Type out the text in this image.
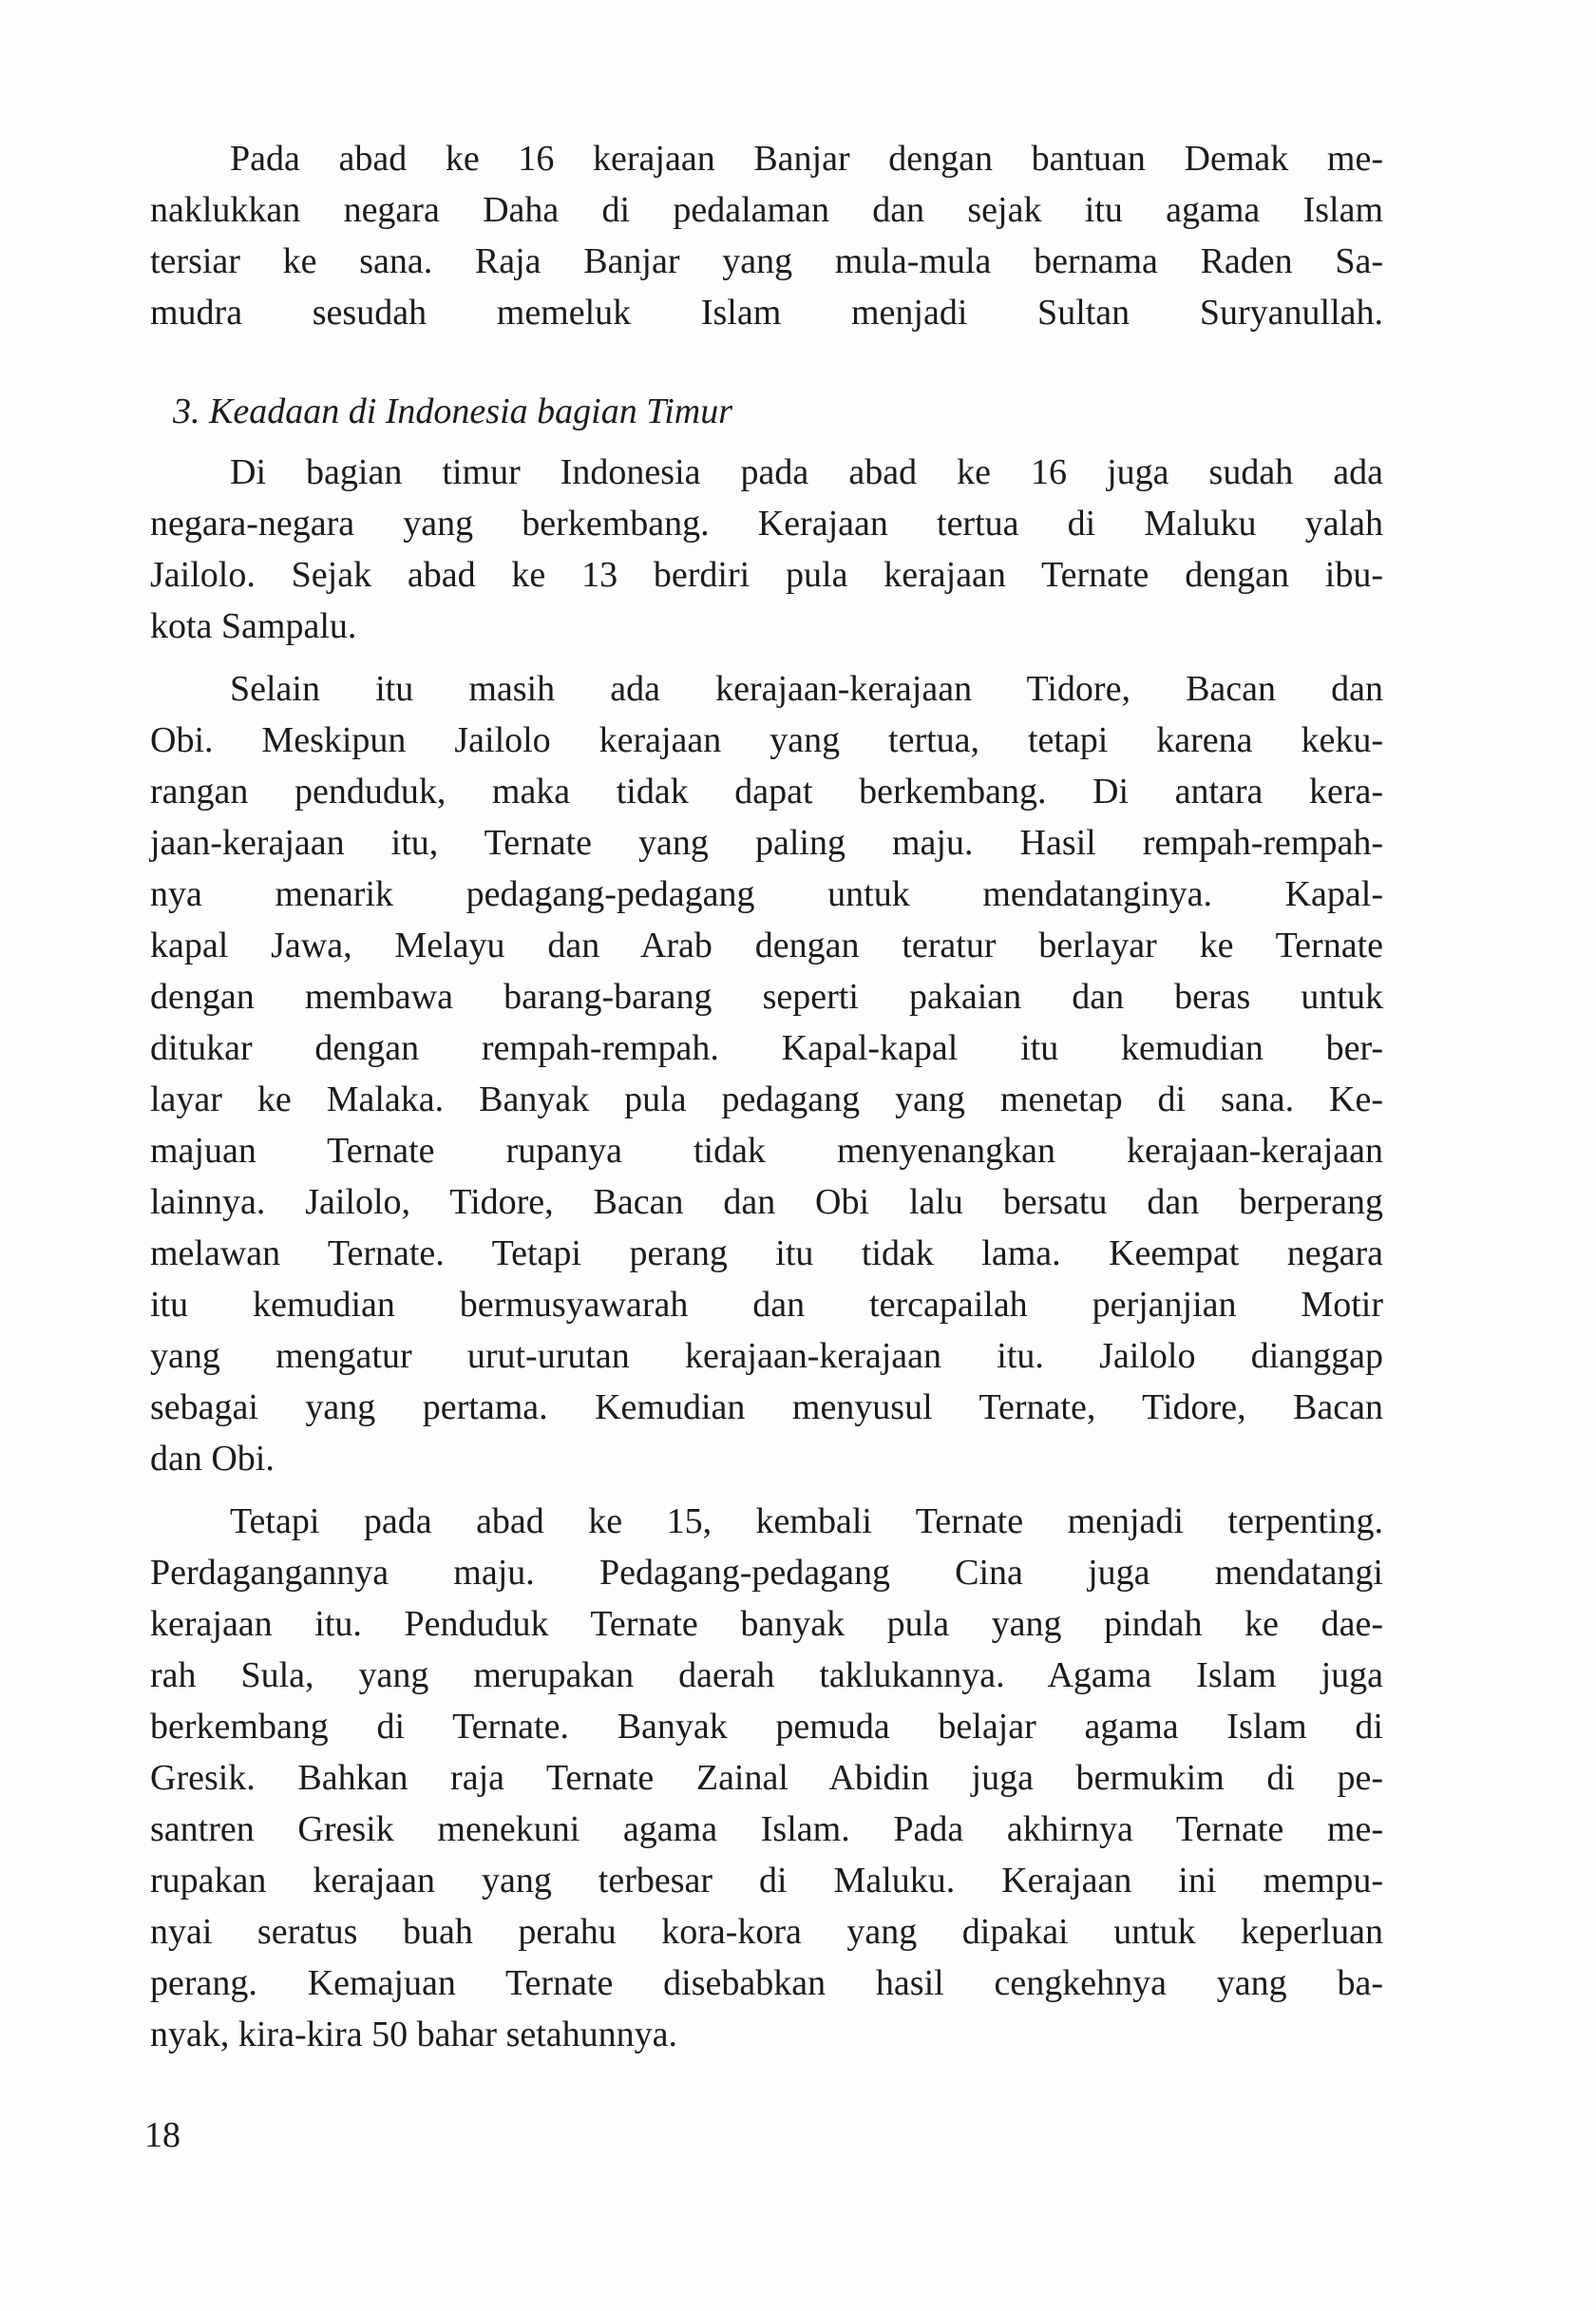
Pada abad ke 16 kerajaan Banjar dengan bantuan Demak me-
naklukkan negara Daha di pedalaman dan sejak itu agama Islam
tersiar ke sana. Raja Banjar yang mula-mula bernama Raden Sa-
mudra sesudah memeluk Islam menjadi Sultan Suryanullah.
3. Keadaan di Indonesia bagian Timur
Di bagian timur Indonesia pada abad ke 16 juga sudah ada
negara-negara yang berkembang. Kerajaan tertua di Maluku yalah
Jailolo. Sejak abad ke 13 berdiri pula kerajaan Ternate dengan ibu-
kota Sampalu.
Selain itu masih ada kerajaan-kerajaan Tidore, Bacan dan
Obi. Meskipun Jailolo kerajaan yang tertua, tetapi karena keku-
rangan penduduk, maka tidak dapat berkembang. Di antara kera-
jaan-kerajaan itu, Ternate yang paling maju. Hasil rempah-rempah-
nya menarik pedagang-pedagang untuk mendatanginya. Kapal-
kapal Jawa, Melayu dan Arab dengan teratur berlayar ke Ternate
dengan membawa barang-barang seperti pakaian dan beras untuk
ditukar dengan rempah-rempah. Kapal-kapal itu kemudian ber-
layar ke Malaka. Banyak pula pedagang yang menetap di sana. Ke-
majuan Ternate rupanya tidak menyenangkan kerajaan-kerajaan
lainnya. Jailolo, Tidore, Bacan dan Obi lalu bersatu dan berperang
melawan Ternate. Tetapi perang itu tidak lama. Keempat negara
itu kemudian bermusyawarah dan tercapailah perjanjian Motir
yang mengatur urut-urutan kerajaan-kerajaan itu. Jailolo dianggap
sebagai yang pertama. Kemudian menyusul Ternate, Tidore, Bacan
dan Obi.
Tetapi pada abad ke 15, kembali Ternate menjadi terpenting.
Perdagangannya maju. Pedagang-pedagang Cina juga mendatangi
kerajaan itu. Penduduk Ternate banyak pula yang pindah ke dae-
rah Sula, yang merupakan daerah taklukannya. Agama Islam juga
berkembang di Ternate. Banyak pemuda belajar agama Islam di
Gresik. Bahkan raja Ternate Zainal Abidin juga bermukim di pe-
santren Gresik menekuni agama Islam. Pada akhirnya Ternate me-
rupakan kerajaan yang terbesar di Maluku. Kerajaan ini mempu-
nyai seratus buah perahu kora-kora yang dipakai untuk keperluan
perang. Kemajuan Ternate disebabkan hasil cengkehnya yang ba-
nyak, kira-kira 50 bahar setahunnya.
18
